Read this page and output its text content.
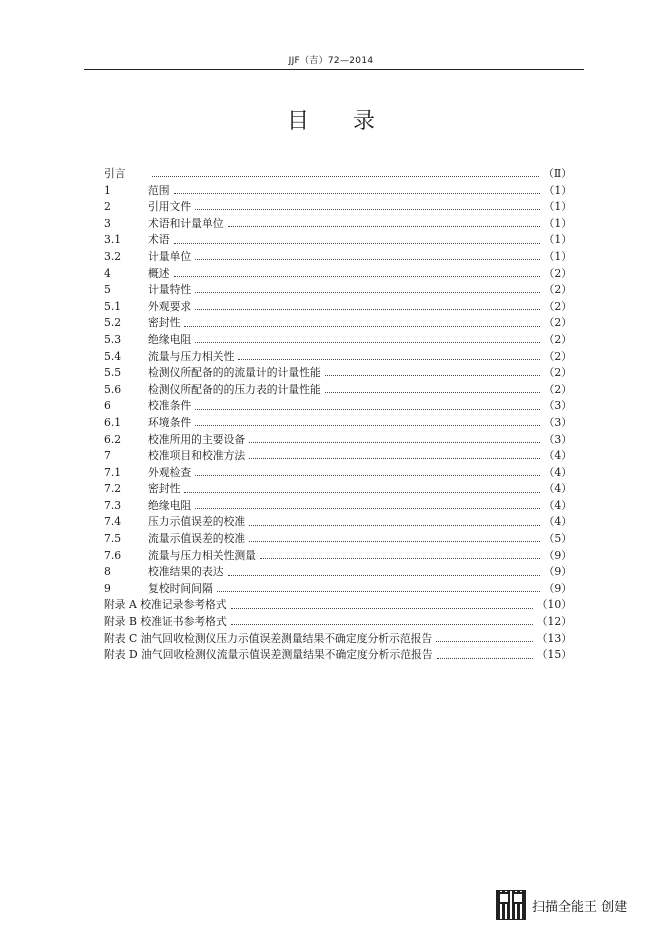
JJF（吉）72—2014
目录
引言	（Ⅱ）
1	范围	（1）
2	引用文件	（1）
3	术语和计量单位	（1）
3.1	术语	（1）
3.2	计量单位	（1）
4	概述	（2）
5	计量特性	（2）
5.1	外观要求	（2）
5.2	密封性	（2）
5.3	绝缘电阻	（2）
5.4	流量与压力相关性	（2）
5.5	检测仪所配备的的流量计的计量性能	（2）
5.6	检测仪所配备的的压力表的计量性能	（2）
6	校准条件	（3）
6.1	环境条件	（3）
6.2	校准所用的主要设备	（3）
7	校准项目和校准方法	（4）
7.1	外观检查	（4）
7.2	密封性	（4）
7.3	绝缘电阻	（4）
7.4	压力示值误差的校准	（4）
7.5	流量示值误差的校准	（5）
7.6	流量与压力相关性测量	（9）
8	校准结果的表达	（9）
9	复校时间间隔	（9）
附录 A 校准记录参考格式	（10）
附录 B 校准证书参考格式	（12）
附表 C 油气回收检测仪压力示值误差测量结果不确定度分析示范报告	（13）
附表 D 油气回收检测仪流量示值误差测量结果不确定度分析示范报告	（15）
扫描全能王 创建
